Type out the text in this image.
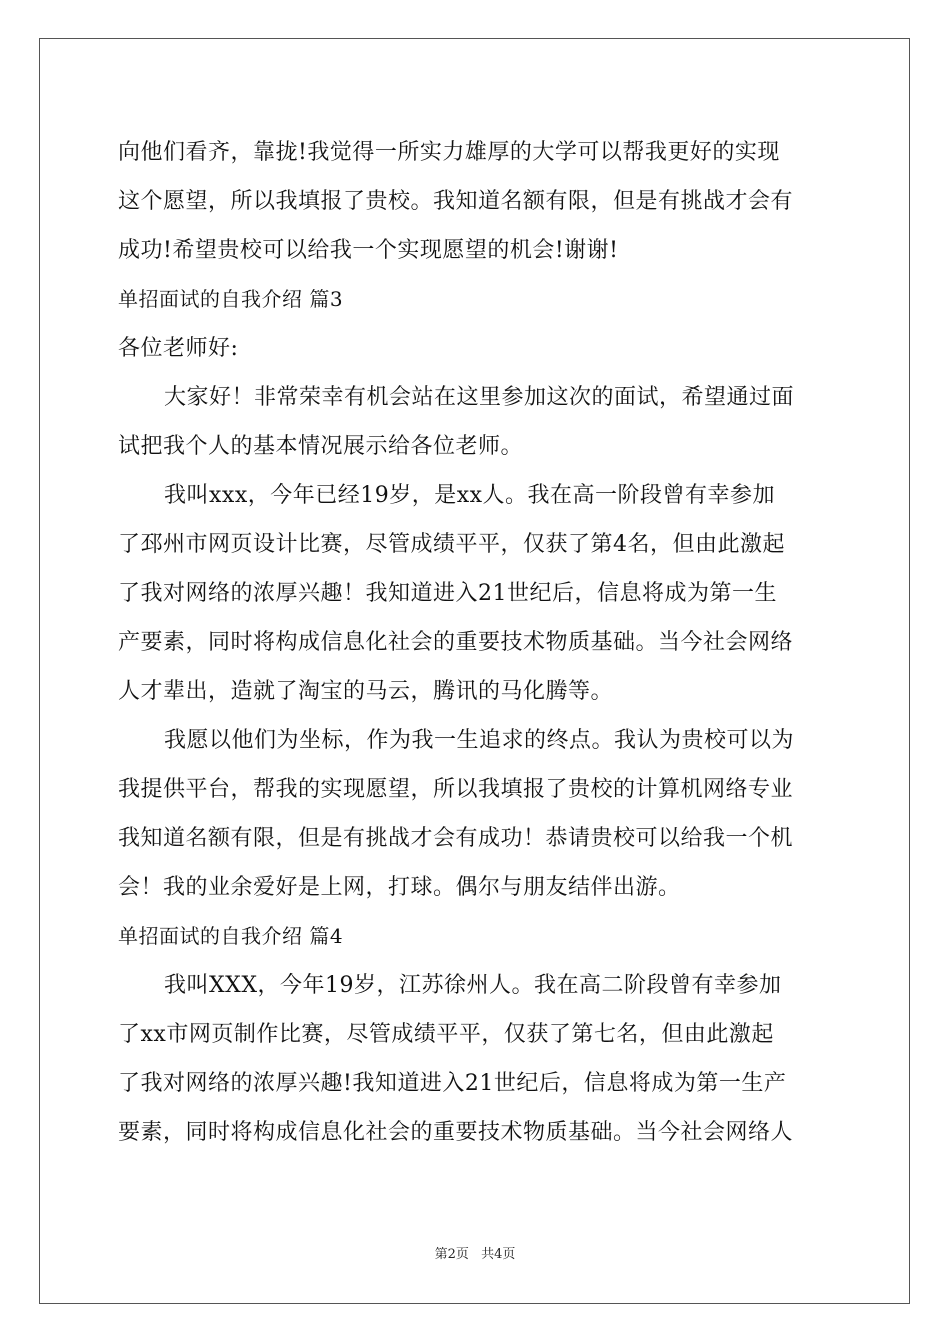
向他们看齐，靠拢!我觉得一所实力雄厚的大学可以帮我更好的实现
这个愿望，所以我填报了贵校。我知道名额有限，但是有挑战才会有
成功!希望贵校可以给我一个实现愿望的机会!谢谢!
单招面试的自我介绍 篇3
各位老师好:
大家好！非常荣幸有机会站在这里参加这次的面试，希望通过面
试把我个人的基本情况展示给各位老师。
我叫xxx，今年已经19岁，是xx人。我在高一阶段曾有幸参加
了邳州市网页设计比赛，尽管成绩平平，仅获了第4名，但由此激起
了我对网络的浓厚兴趣！我知道进入21世纪后，信息将成为第一生
产要素，同时将构成信息化社会的重要技术物质基础。当今社会网络
人才辈出，造就了淘宝的马云，腾讯的马化腾等。
我愿以他们为坐标，作为我一生追求的终点。我认为贵校可以为
我提供平台，帮我的实现愿望，所以我填报了贵校的计算机网络专业
我知道名额有限，但是有挑战才会有成功！恭请贵校可以给我一个机
会！我的业余爱好是上网，打球。偶尔与朋友结伴出游。
单招面试的自我介绍 篇4
我叫XXX，今年19岁，江苏徐州人。我在高二阶段曾有幸参加
了xx市网页制作比赛，尽管成绩平平，仅获了第七名，但由此激起
了我对网络的浓厚兴趣!我知道进入21世纪后，信息将成为第一生产
要素，同时将构成信息化社会的重要技术物质基础。当今社会网络人
第2页 共4页
